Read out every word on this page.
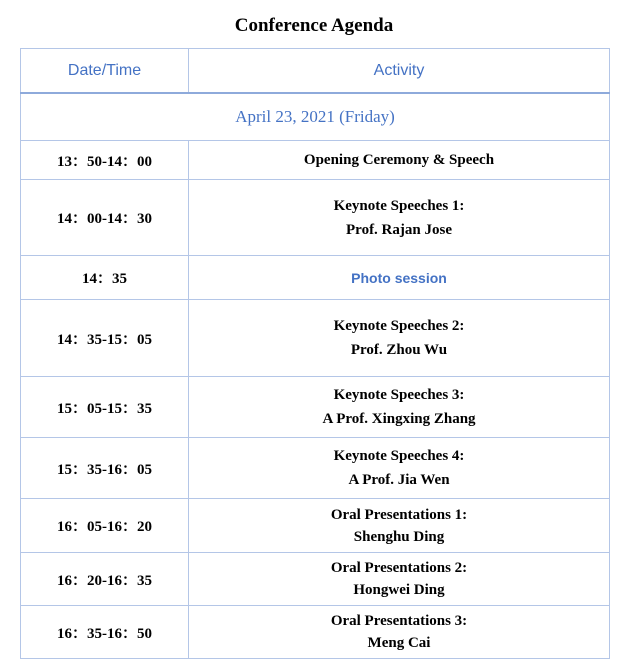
Conference Agenda
Date/Time	Activity
April 23, 2021 (Friday)	
13：50-14：00	Opening Ceremony & Speech

14：00-14：30	Keynote Speeches 1:
Prof. Rajan Jose

14：35	Photo session

14：35-15：05	Keynote Speeches 2:
Prof. Zhou Wu

15：05-15：35	Keynote Speeches 3:
A Prof. Xingxing Zhang

15：35-16：05	Keynote Speeches 4:
A Prof. Jia Wen

16：05-16：20	Oral Presentations 1:
Shenghu Ding

16：20-16：35	Oral Presentations 2:
Hongwei Ding

16：35-16：50	Oral Presentations 3:
Meng Cai
